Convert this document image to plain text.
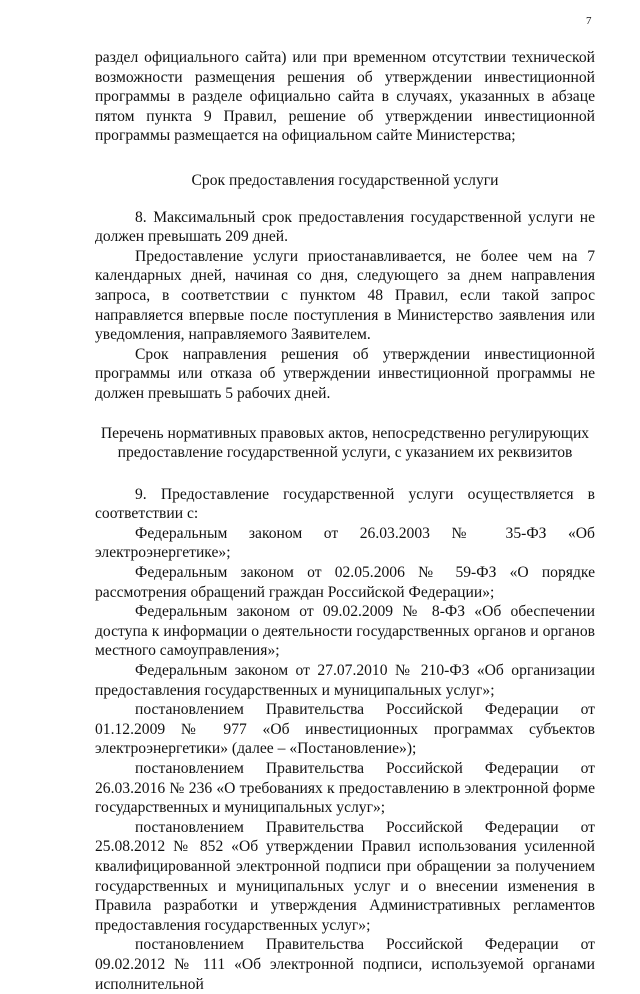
7

раздел официального сайта) или при временном отсутствии технической возможности размещения решения об утверждении инвестиционной программы в разделе официально сайта в случаях, указанных в абзаце пятом пункта 9 Правил, решение об утверждении инвестиционной программы размещается на официальном сайте Министерства;

Срок предоставления государственной услуги

8. Максимальный срок предоставления государственной услуги не должен превышать 209 дней.

Предоставление услуги приостанавливается, не более чем на 7 календарных дней, начиная со дня, следующего за днем направления запроса, в соответствии с пунктом 48 Правил, если такой запрос направляется впервые после поступления в Министерство заявления или уведомления, направляемого Заявителем.

Срок направления решения об утверждении инвестиционной программы или отказа об утверждении инвестиционной программы не должен превышать 5 рабочих дней.

Перечень нормативных правовых актов, непосредственно регулирующих

предоставление государственной услуги, с указанием их реквизитов

9. Предоставление государственной услуги осуществляется в соответствии с:

Федеральным законом от 26.03.2003 № 35-ФЗ «Об электроэнергетике»;

Федеральным законом от 02.05.2006 № 59-ФЗ «О порядке рассмотрения обращений граждан Российской Федерации»;

Федеральным законом от 09.02.2009 № 8-ФЗ «Об обеспечении доступа к информации о деятельности государственных органов и органов местного самоуправления»;

Федеральным законом от 27.07.2010 № 210-ФЗ «Об организации предоставления государственных и муниципальных услуг»;

постановлением Правительства Российской Федерации от 01.12.2009 № 977 «Об инвестиционных программах субъектов электроэнергетики» (далее – «Постановление»);

постановлением Правительства Российской Федерации от 26.03.2016 № 236 «О требованиях к предоставлению в электронной форме государственных и муниципальных услуг»;

постановлением Правительства Российской Федерации от 25.08.2012 № 852 «Об утверждении Правил использования усиленной квалифицированной электронной подписи при обращении за получением государственных и муниципальных услуг и о внесении изменения в Правила разработки и утверждения Административных регламентов предоставления государственных услуг»;

постановлением Правительства Российской Федерации от 09.02.2012 № 111 «Об электронной подписи, используемой органами исполнительной
